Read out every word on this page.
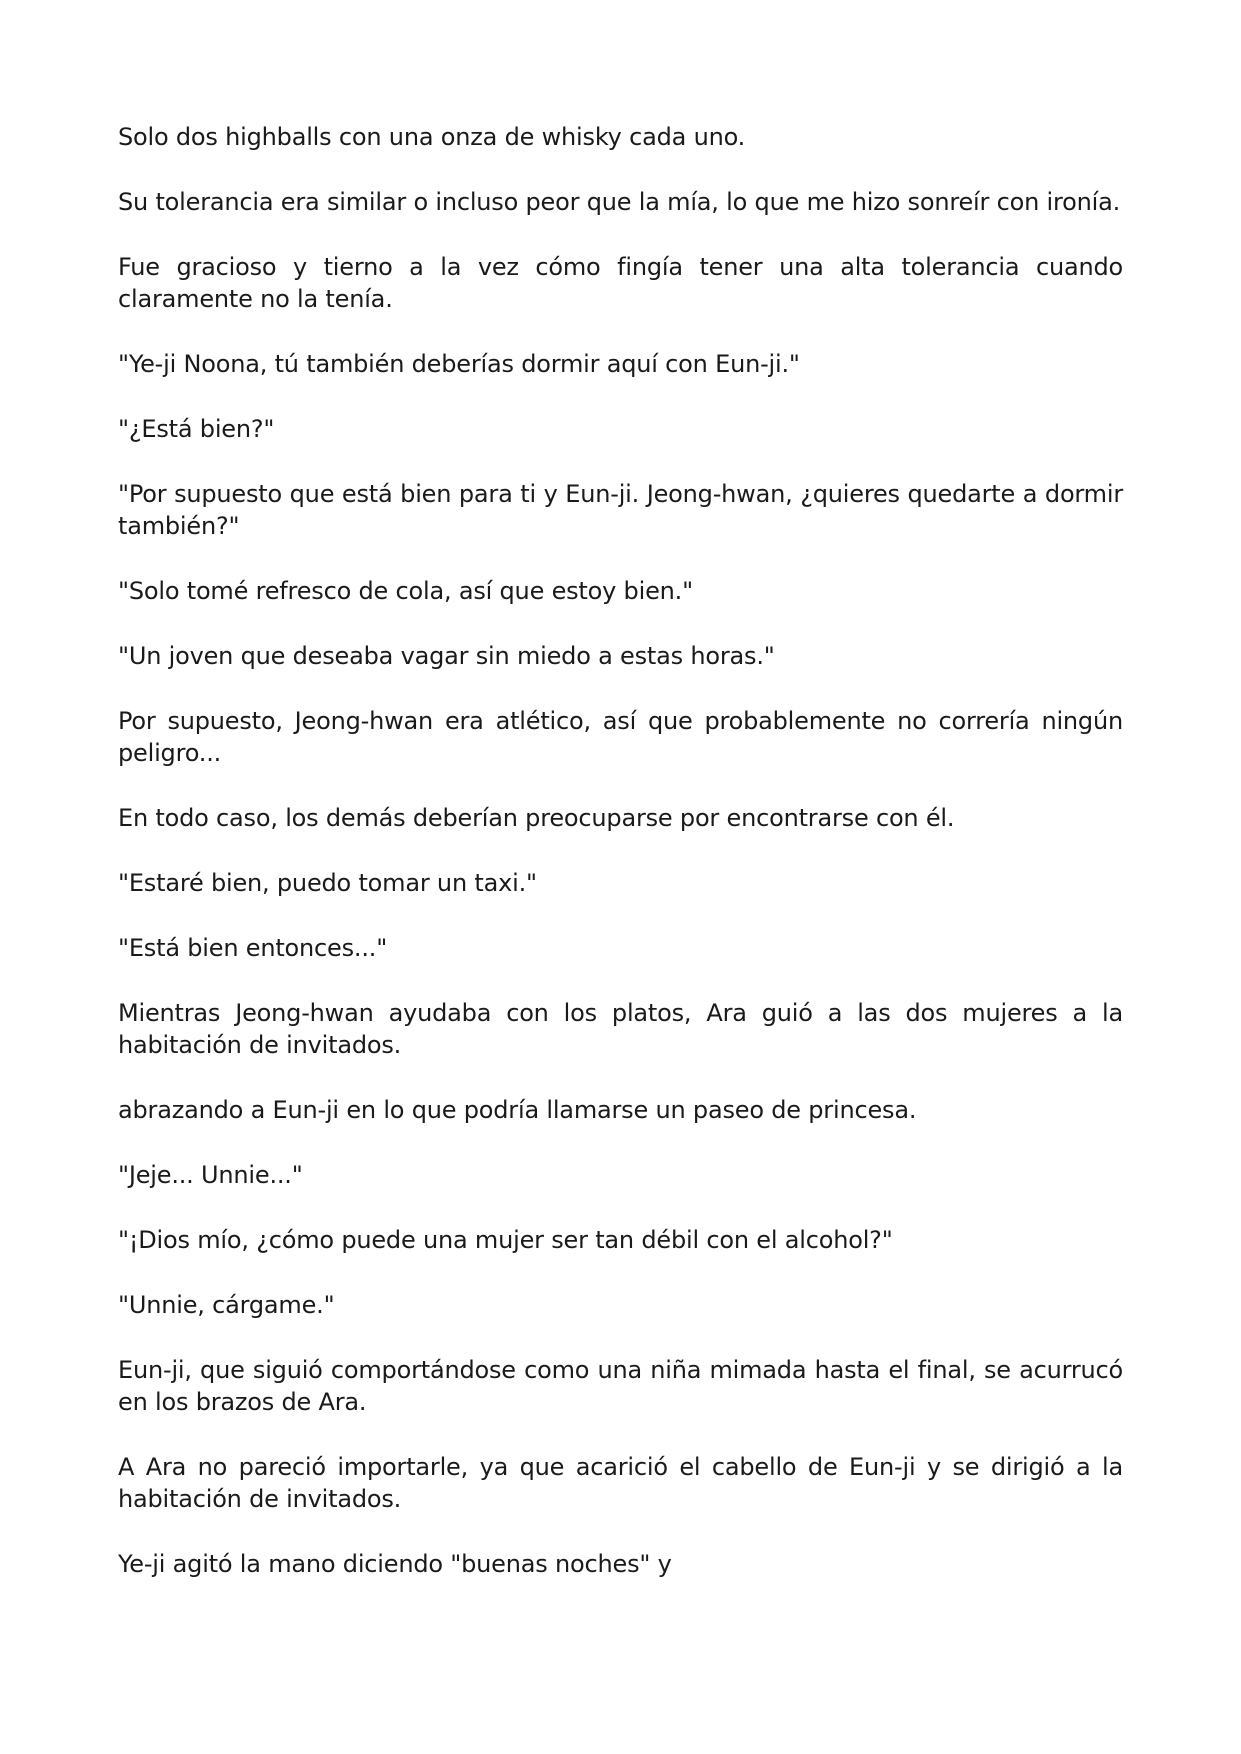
Solo dos highballs con una onza de whisky cada uno.

Su tolerancia era similar o incluso peor que la mía, lo que me hizo sonreír con ironía.

Fue gracioso y tierno a la vez cómo fingía tener una alta tolerancia cuando claramente no la tenía.

"Ye-ji Noona, tú también deberías dormir aquí con Eun-ji."

"¿Está bien?"

"Por supuesto que está bien para ti y Eun-ji. Jeong-hwan, ¿quieres quedarte a dormir también?"

"Solo tomé refresco de cola, así que estoy bien."

"Un joven que deseaba vagar sin miedo a estas horas."

Por supuesto, Jeong-hwan era atlético, así que probablemente no correría ningún peligro...

En todo caso, los demás deberían preocuparse por encontrarse con él.

"Estaré bien, puedo tomar un taxi."

"Está bien entonces..."

Mientras Jeong-hwan ayudaba con los platos, Ara guió a las dos mujeres a la habitación de invitados.

abrazando a Eun-ji en lo que podría llamarse un paseo de princesa.

"Jeje... Unnie..."

"¡Dios mío, ¿cómo puede una mujer ser tan débil con el alcohol?"

"Unnie, cárgame."

Eun-ji, que siguió comportándose como una niña mimada hasta el final, se acurrucó en los brazos de Ara.

A Ara no pareció importarle, ya que acarició el cabello de Eun-ji y se dirigió a la habitación de invitados.

Ye-ji agitó la mano diciendo "buenas noches" y
